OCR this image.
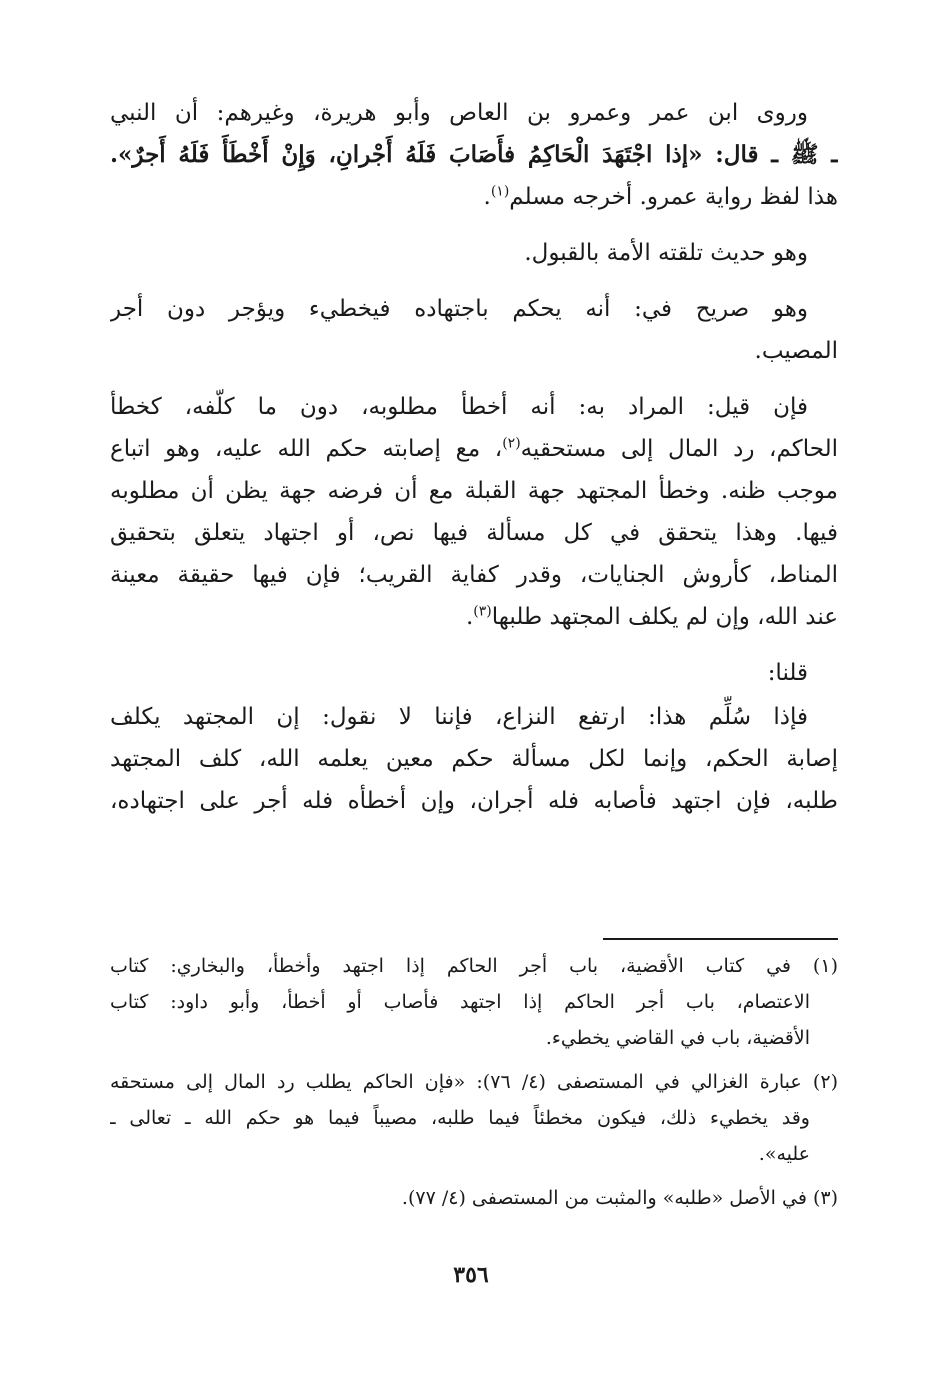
وروى ابن عمر وعمرو بن العاص وأبو هريرة، وغيرهم: أن النبي
ـ ﷺ ـ قال: «إذا اجْتَهَدَ الْحَاكِمُ فأَصَابَ فَلَهُ أَجْرانِ، وَإِنْ أَخْطَأَ فَلَهُ أَجرٌ».
هذا لفظ رواية عمرو. أخرجه مسلم$^{(١)}$.
وهو حديث تلقته الأمة بالقبول.
وهو صريح في: أنه يحكم باجتهاده فيخطيء ويؤجر دون أجر
المصيب.
فإن قيل: المراد به: أنه أخطأ مطلوبه، دون ما كلّفه، كخطأ
الحاكم، رد المال إلى مستحقيه$^{(٢)}$، مع إصابته حكم الله عليه، وهو اتباع
موجب ظنه. وخطأ المجتهد جهة القبلة مع أن فرضه جهة يظن أن مطلوبه
فيها. وهذا يتحقق في كل مسألة فيها نص، أو اجتهاد يتعلق بتحقيق
المناط، كأروش الجنايات، وقدر كفاية القريب؛ فإن فيها حقيقة معينة
عند الله، وإن لم يكلف المجتهد طلبها$^{(٣)}$.
قلنا:
فإذا سُلِّم هذا: ارتفع النزاع، فإننا لا نقول: إن المجتهد يكلف
إصابة الحكم، وإنما لكل مسألة حكم معين يعلمه الله، كلف المجتهد
طلبه، فإن اجتهد فأصابه فله أجران، وإن أخطأه فله أجر على اجتهاده،
(١) في كتاب الأقضية، باب أجر الحاكم إذا اجتهد وأخطأ، والبخاري: كتاب
الاعتصام، باب أجر الحاكم إذا اجتهد فأصاب أو أخطأ، وأبو داود: كتاب
الأقضية، باب في القاضي يخطيء.
(٢) عبارة الغزالي في المستصفى (٤/ ٧٦): «فإن الحاكم يطلب رد المال إلى مستحقه
وقد يخطيء ذلك، فيكون مخطئاً فيما طلبه، مصيباً فيما هو حكم الله ـ تعالى ـ
عليه».
(٣) في الأصل «طلبه» والمثبت من المستصفى (٤/ ٧٧).
٣٥٦
